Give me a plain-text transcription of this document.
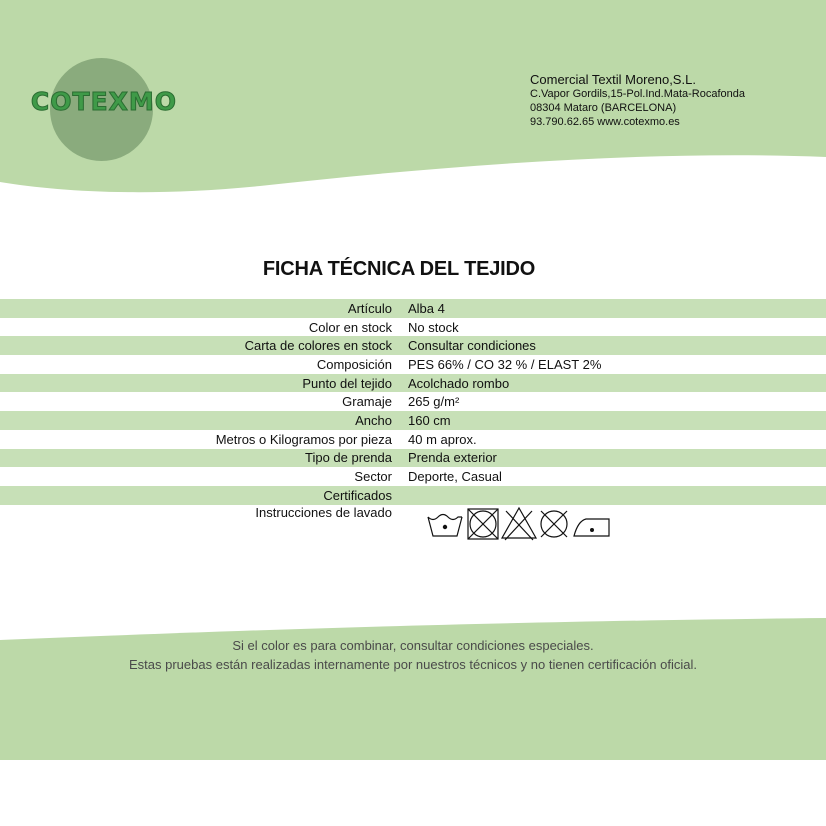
COTEXMO
Comercial Textil Moreno,S.L.
C.Vapor Gordils,15-Pol.Ind.Mata-Rocafonda
08304 Mataro (BARCELONA)
93.790.62.65 www.cotexmo.es
FICHA TÉCNICA DEL TEJIDO
Artículo	Alba 4
Color en stock	No stock
Carta de colores en stock	Consultar condiciones
Composición	PES 66% / CO 32 % / ELAST 2%
Punto del tejido	Acolchado rombo
Gramaje	265 g/m²
Ancho	160 cm
Metros o Kilogramos por pieza	40 m aprox.
Tipo de prenda	Prenda exterior
Sector	Deporte, Casual
Certificados
Instrucciones de lavado
Si el color es para combinar, consultar condiciones especiales.
Estas pruebas están realizadas internamente por nuestros técnicos y no tienen certificación oficial.
